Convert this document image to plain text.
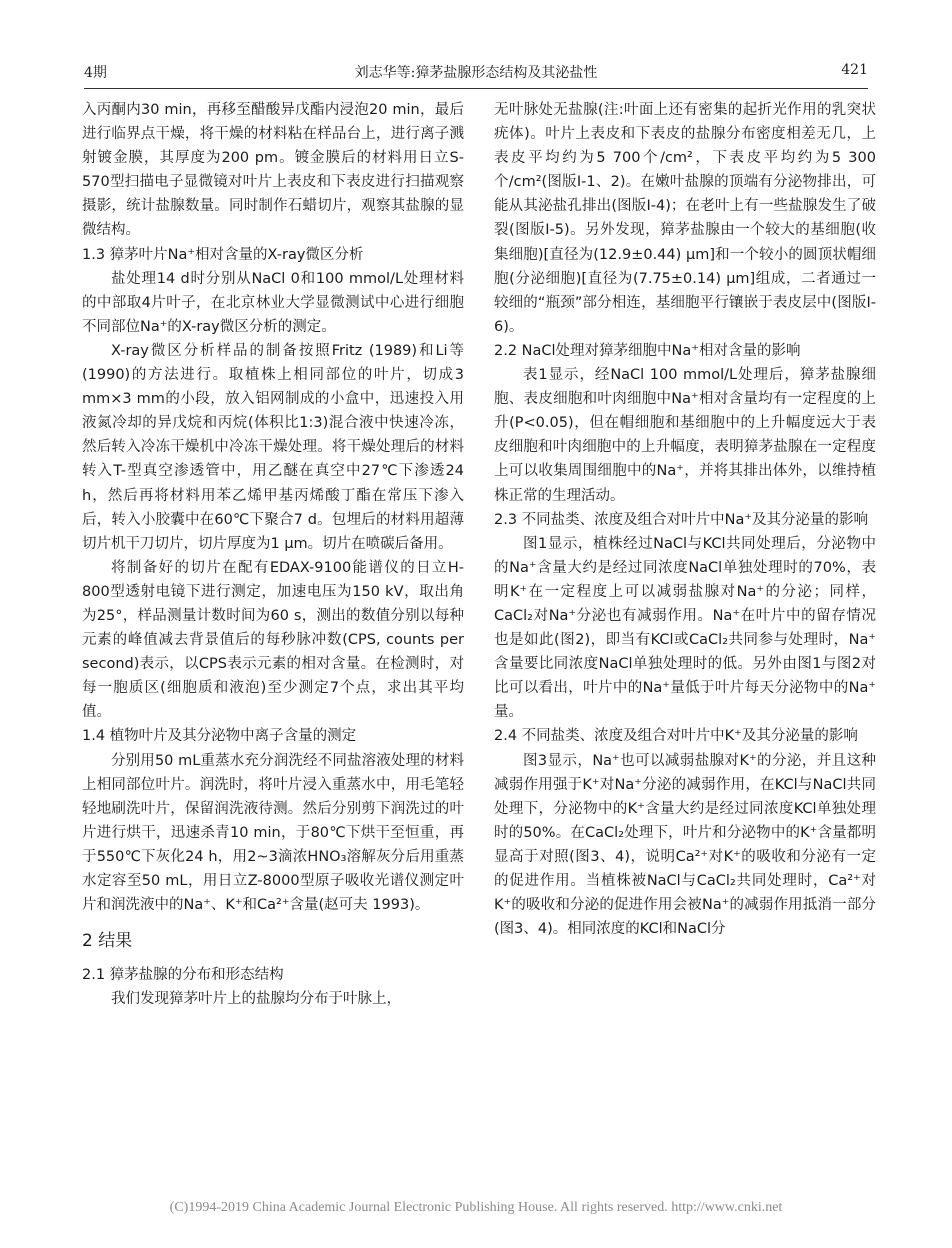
4期	刘志华等:獐茅盐腺形态结构及其泌盐性	421

入丙酮内30 min，再移至醋酸异戊酯内浸泡20 min，最后进行临界点干燥，将干燥的材料粘在样品台上，进行离子溅射镀金膜，其厚度为200 pm。镀金膜后的材料用日立S-570型扫描电子显微镜对叶片上表皮和下表皮进行扫描观察摄影，统计盐腺数量。同时制作石蜡切片，观察其盐腺的显微结构。

1.3 獐茅叶片Na⁺相对含量的X-ray微区分析

盐处理14 d时分别从NaCl 0和100 mmol/L处理材料的中部取4片叶子，在北京林业大学显微测试中心进行细胞不同部位Na⁺的X-ray微区分析的测定。

X-ray微区分析样品的制备按照Fritz (1989)和Li等(1990)的方法进行。取植株上相同部位的叶片，切成3 mm×3 mm的小段，放入铝网制成的小盒中，迅速投入用液氮冷却的异戊烷和丙烷(体积比1:3)混合液中快速冷冻，然后转入冷冻干燥机中冷冻干燥处理。将干燥处理后的材料转入T-型真空渗透管中，用乙醚在真空中27℃下渗透24 h，然后再将材料用苯乙烯甲基丙烯酸丁酯在常压下渗入后，转入小胶囊中在60℃下聚合7 d。包埋后的材料用超薄切片机干刀切片，切片厚度为1 μm。切片在喷碳后备用。

将制备好的切片在配有EDAX-9100能谱仪的日立H-800型透射电镜下进行测定，加速电压为150 kV，取出角为25°，样品测量计数时间为60 s，测出的数值分别以每种元素的峰值减去背景值后的每秒脉冲数(CPS, counts per second)表示，以CPS表示元素的相对含量。在检测时，对每一胞质区(细胞质和液泡)至少测定7个点，求出其平均值。

1.4 植物叶片及其分泌物中离子含量的测定

分别用50 mL重蒸水充分润洗经不同盐溶液处理的材料上相同部位叶片。润洗时，将叶片浸入重蒸水中，用毛笔轻轻地刷洗叶片，保留润洗液待测。然后分别剪下润洗过的叶片进行烘干，迅速杀青10 min，于80℃下烘干至恒重，再于550℃下灰化24 h，用2~3滴浓HNO₃溶解灰分后用重蒸水定容至50 mL，用日立Z-8000型原子吸收光谱仪测定叶片和润洗液中的Na⁺、K⁺和Ca²⁺含量(赵可夫 1993)。

2 结果

2.1 獐茅盐腺的分布和形态结构

我们发现獐茅叶片上的盐腺均分布于叶脉上，

无叶脉处无盐腺(注:叶面上还有密集的起折光作用的乳突状疣体)。叶片上表皮和下表皮的盐腺分布密度相差无几，上表皮平均约为5 700个/cm²，下表皮平均约为5 300个/cm²(图版I-1、2)。在嫩叶盐腺的顶端有分泌物排出，可能从其泌盐孔排出(图版I-4)；在老叶上有一些盐腺发生了破裂(图版I-5)。另外发现，獐茅盐腺由一个较大的基细胞(收集细胞)[直径为(12.9±0.44) μm]和一个较小的圆顶状帽细胞(分泌细胞)[直径为(7.75±0.14) μm]组成，二者通过一较细的“瓶颈”部分相连，基细胞平行镶嵌于表皮层中(图版I-6)。

2.2 NaCl处理对獐茅细胞中Na⁺相对含量的影响

表1显示，经NaCl 100 mmol/L处理后，獐茅盐腺细胞、表皮细胞和叶肉细胞中Na⁺相对含量均有一定程度的上升(P<0.05)，但在帽细胞和基细胞中的上升幅度远大于表皮细胞和叶肉细胞中的上升幅度，表明獐茅盐腺在一定程度上可以收集周围细胞中的Na⁺，并将其排出体外，以维持植株正常的生理活动。

2.3 不同盐类、浓度及组合对叶片中Na⁺及其分泌量的影响

图1显示，植株经过NaCl与KCl共同处理后，分泌物中的Na⁺含量大约是经过同浓度NaCl单独处理时的70%，表明K⁺在一定程度上可以减弱盐腺对Na⁺的分泌；同样，CaCl₂对Na⁺分泌也有减弱作用。Na⁺在叶片中的留存情况也是如此(图2)，即当有KCl或CaCl₂共同参与处理时，Na⁺含量要比同浓度NaCl单独处理时的低。另外由图1与图2对比可以看出，叶片中的Na⁺量低于叶片每天分泌物中的Na⁺量。

2.4 不同盐类、浓度及组合对叶片中K⁺及其分泌量的影响

图3显示，Na⁺也可以减弱盐腺对K⁺的分泌，并且这种减弱作用强于K⁺对Na⁺分泌的减弱作用，在KCl与NaCl共同处理下，分泌物中的K⁺含量大约是经过同浓度KCl单独处理时的50%。在CaCl₂处理下，叶片和分泌物中的K⁺含量都明显高于对照(图3、4)，说明Ca²⁺对K⁺的吸收和分泌有一定的促进作用。当植株被NaCl与CaCl₂共同处理时，Ca²⁺对K⁺的吸收和分泌的促进作用会被Na⁺的减弱作用抵消一部分(图3、4)。相同浓度的KCl和NaCl分

(C)1994-2019 China Academic Journal Electronic Publishing House. All rights reserved. http://www.cnki.net
